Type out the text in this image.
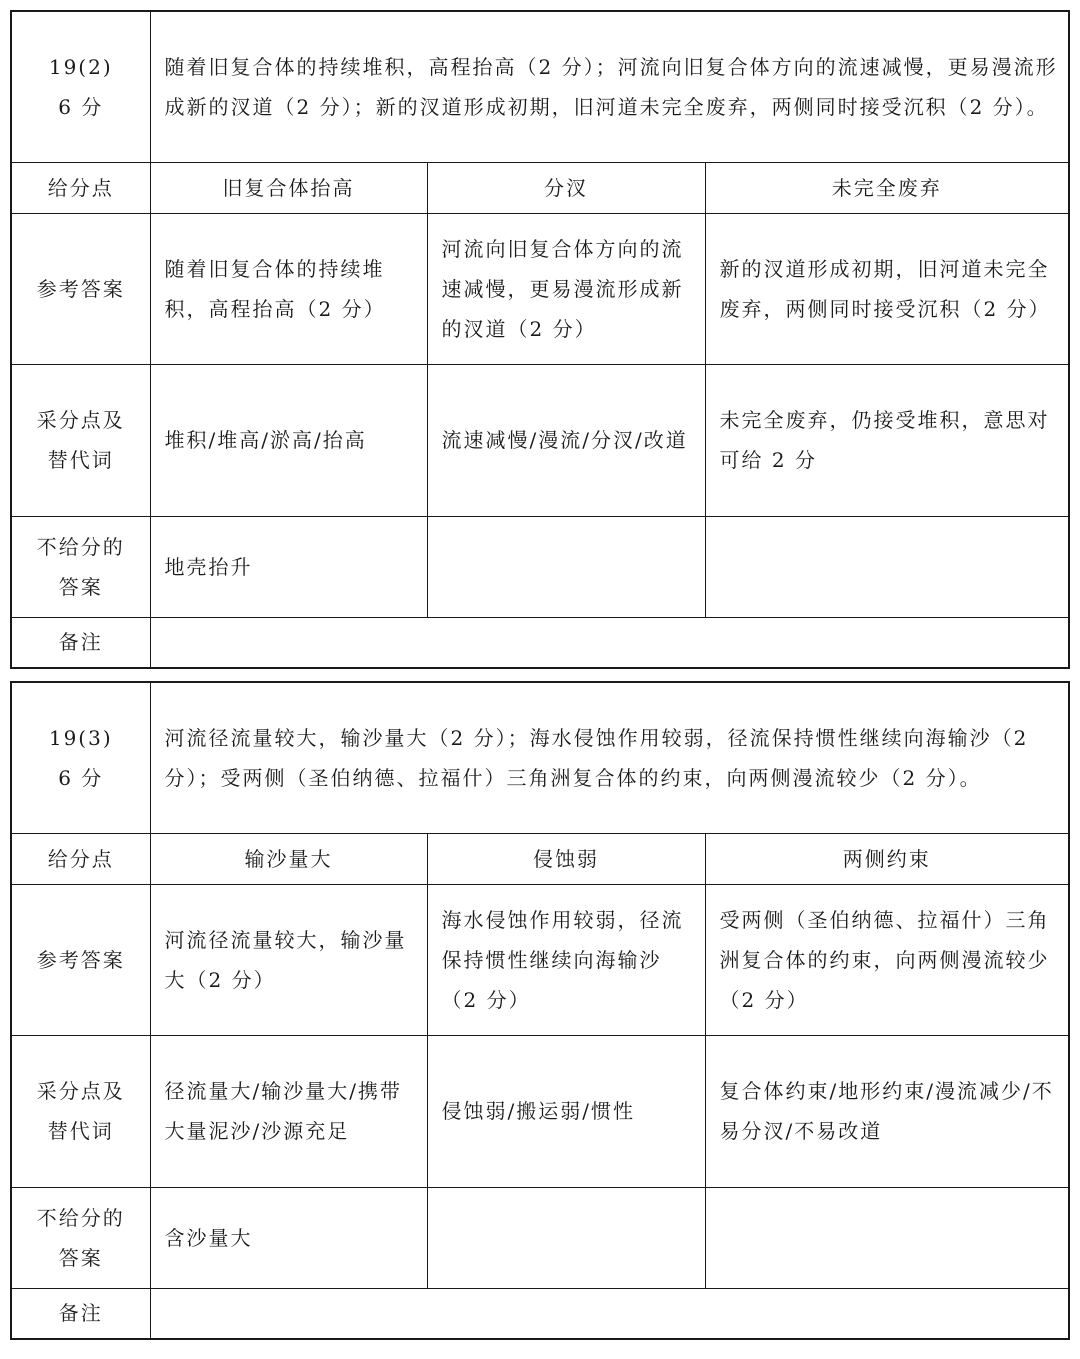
19(2)
6 分	随着旧复合体的持续堆积，高程抬高（2 分）；河流向旧复合体方向的流速减慢，更易漫流形成新的汊道（2 分）；新的汊道形成初期，旧河道未完全废弃，两侧同时接受沉积（2 分）。		
给分点	旧复合体抬高	分汊	未完全废弃
参考答案	随着旧复合体的持续堆积，高程抬高（2 分）	河流向旧复合体方向的流速减慢，更易漫流形成新的汊道（2 分）	新的汊道形成初期，旧河道未完全废弃，两侧同时接受沉积（2 分）

采分点及
替代词	堆积/堆高/淤高/抬高	流速减慢/漫流/分汊/改道	未完全废弃，仍接受堆积，意思对可给 2 分

不给分的
答案	地壳抬升		
备注			
19(3)
6 分	河流径流量较大，输沙量大（2 分）；海水侵蚀作用较弱，径流保持惯性继续向海输沙（2 分）；受两侧（圣伯纳德、拉福什）三角洲复合体的约束，向两侧漫流较少（2 分）。		
给分点	输沙量大	侵蚀弱	两侧约束
参考答案	河流径流量较大，输沙量大（2 分）	海水侵蚀作用较弱，径流保持惯性继续向海输沙（2 分）	受两侧（圣伯纳德、拉福什）三角洲复合体的约束，向两侧漫流较少（2 分）

采分点及
替代词	径流量大/输沙量大/携带大量泥沙/沙源充足	侵蚀弱/搬运弱/惯性	复合体约束/地形约束/漫流减少/不易分汊/不易改道

不给分的
答案	含沙量大		
备注			
